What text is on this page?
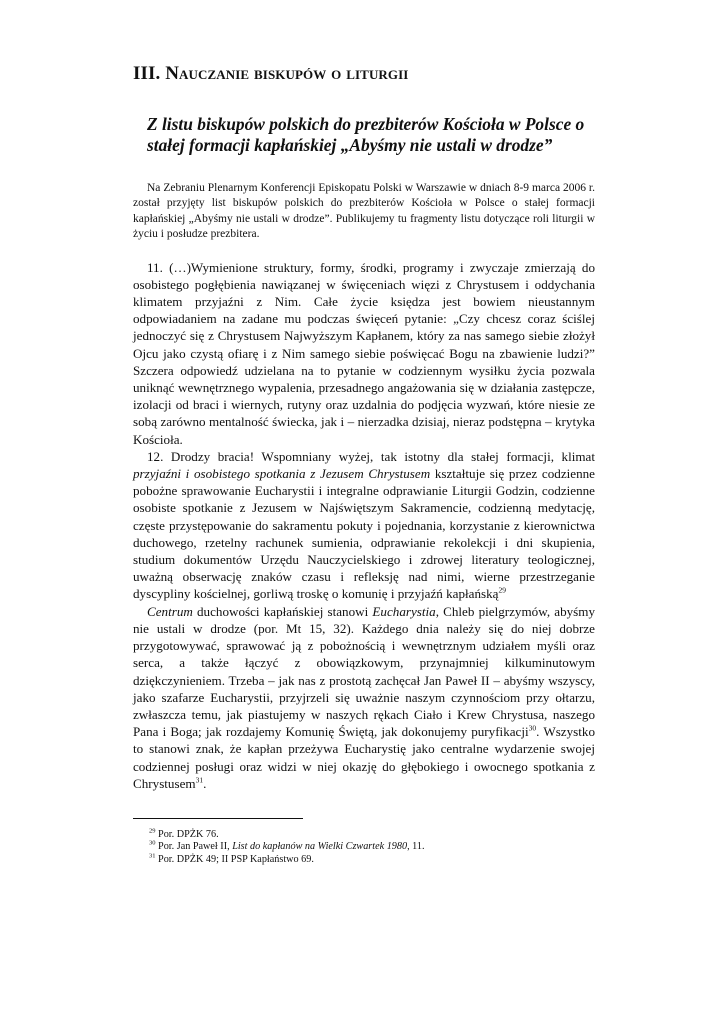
III. Nauczanie biskupów o liturgii
Z listu biskupów polskich do prezbiterów Kościoła w Polsce o stałej formacji kapłańskiej „Abyśmy nie ustali w drodze”

Na Zebraniu Plenarnym Konferencji Episkopatu Polski w Warszawie w dniach 8-9 marca 2006 r. został przyjęty list biskupów polskich do prezbiterów Kościoła w Polsce o stałej formacji kapłańskiej „Abyśmy nie ustali w drodze”. Publikujemy tu fragmenty listu dotyczące roli liturgii w życiu i posłudze prezbitera.

11. (…)Wymienione struktury, formy, środki, programy i zwyczaje zmierzają do osobistego pogłębienia nawiązanej w święceniach więzi z Chrystusem i oddychania klimatem przyjaźni z Nim. Całe życie księdza jest bowiem nieustannym odpowiadaniem na zadane mu podczas święceń pytanie: „Czy chcesz coraz ściślej jednoczyć się z Chrystusem Najwyższym Kapłanem, który za nas samego siebie złożył Ojcu jako czystą ofiarę i z Nim samego siebie poświęcać Bogu na zbawienie ludzi?” Szczera odpowiedź udzielana na to pytanie w codziennym wysiłku życia pozwala uniknąć wewnętrznego wypalenia, przesadnego angażowania się w działania zastępcze, izolacji od braci i wiernych, rutyny oraz uzdalnia do podjęcia wyzwań, które niesie ze sobą zarówno mentalność świecka, jak i – nierzadka dzisiaj, nieraz podstępna – krytyka Kościoła.

12. Drodzy bracia! Wspomniany wyżej, tak istotny dla stałej formacji, klimat przyjaźni i osobistego spotkania z Jezusem Chrystusem kształtuje się przez codzienne pobożne sprawowanie Eucharystii i integralne odprawianie Liturgii Godzin, codzienne osobiste spotkanie z Jezusem w Najświętszym Sakramencie, codzienną medytację, częste przystępowanie do sakramentu pokuty i pojednania, korzystanie z kierownictwa duchowego, rzetelny rachunek sumienia, odprawianie rekolekcji i dni skupienia, studium dokumentów Urzędu Nauczycielskiego i zdrowej literatury teologicznej, uważną obserwację znaków czasu i refleksję nad nimi, wierne przestrzeganie dyscypliny kościelnej, gorliwą troskę o komunię i przyjaźń kapłańską$^{29}$

Centrum duchowości kapłańskiej stanowi Eucharystia, Chleb pielgrzymów, abyśmy nie ustali w drodze (por. Mt 15, 32). Każdego dnia należy się do niej dobrze przygotowywać, sprawować ją z pobożnością i wewnętrznym udziałem myśli oraz serca, a także łączyć z obowiązkowym, przynajmniej kilkuminutowym dziękczynieniem. Trzeba – jak nas z prostotą zachęcał Jan Paweł II – abyśmy wszyscy, jako szafarze Eucharystii, przyjrzeli się uważnie naszym czynnościom przy ołtarzu, zwłaszcza temu, jak piastujemy w naszych rękach Ciało i Krew Chrystusa, naszego Pana i Boga; jak rozdajemy Komunię Świętą, jak dokonujemy puryfikacji$^{30}$. Wszystko to stanowi znak, że kapłan przeżywa Eucharystię jako centralne wydarzenie swojej codziennej posługi oraz widzi w niej okazję do głębokiego i owocnego spotkania z Chrystusem$^{31}$.

$^{29}$ Por. DPŻK 76.

$^{30}$ Por. Jan Paweł II, List do kapłanów na Wielki Czwartek 1980, 11.

$^{31}$ Por. DPŻK 49; II PSP Kapłaństwo 69.
